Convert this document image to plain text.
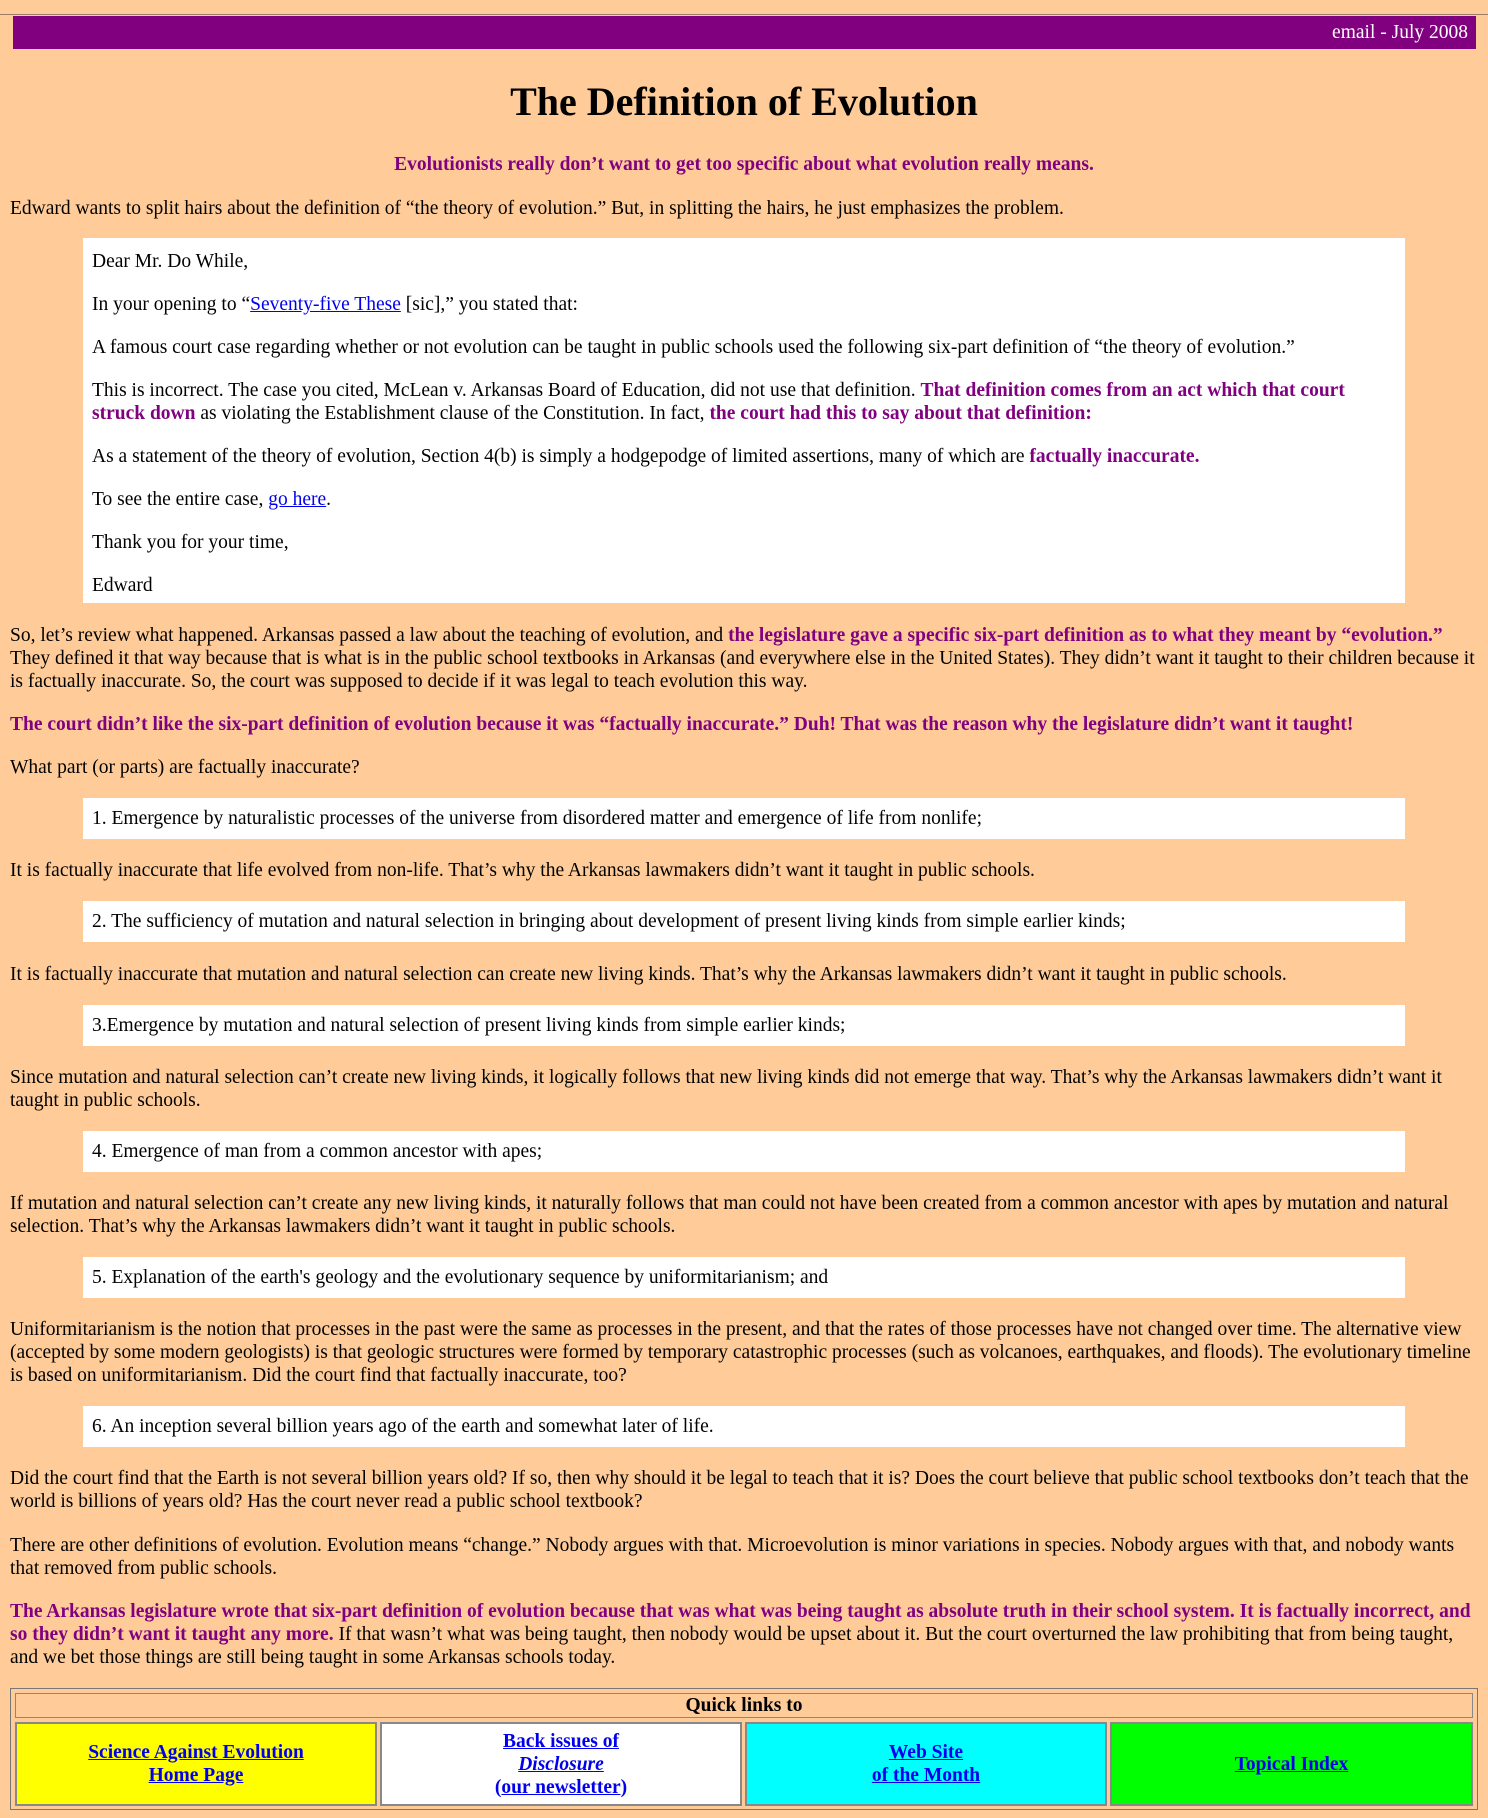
email - July 2008
The Definition of Evolution
Evolutionists really don’t want to get too specific about what evolution really means.

Edward wants to split hairs about the definition of “the theory of evolution.” But, in splitting the hairs, he just emphasizes the problem.

Dear Mr. Do While,

In your opening to “Seventy-five These [sic],” you stated that:

A famous court case regarding whether or not evolution can be taught in public schools used the following six-part definition of “the theory of evolution.”

This is incorrect. The case you cited, McLean v. Arkansas Board of Education, did not use that definition. That definition comes from an act which that court struck down as violating the Establishment clause of the Constitution. In fact, the court had this to say about that definition:

As a statement of the theory of evolution, Section 4(b) is simply a hodgepodge of limited assertions, many of which are factually inaccurate.

To see the entire case, go here.

Thank you for your time,

Edward

So, let’s review what happened. Arkansas passed a law about the teaching of evolution, and the legislature gave a specific six-part definition as to what they meant by “evolution.” They defined it that way because that is what is in the public school textbooks in Arkansas (and everywhere else in the United States). They didn’t want it taught to their children because it is factually inaccurate. So, the court was supposed to decide if it was legal to teach evolution this way.

The court didn’t like the six-part definition of evolution because it was “factually inaccurate.” Duh! That was the reason why the legislature didn’t want it taught!

What part (or parts) are factually inaccurate?

1. Emergence by naturalistic processes of the universe from disordered matter and emergence of life from nonlife;

It is factually inaccurate that life evolved from non-life. That’s why the Arkansas lawmakers didn’t want it taught in public schools.

2. The sufficiency of mutation and natural selection in bringing about development of present living kinds from simple earlier kinds;

It is factually inaccurate that mutation and natural selection can create new living kinds. That’s why the Arkansas lawmakers didn’t want it taught in public schools.

3.Emergence by mutation and natural selection of present living kinds from simple earlier kinds;

Since mutation and natural selection can’t create new living kinds, it logically follows that new living kinds did not emerge that way. That’s why the Arkansas lawmakers didn’t want it taught in public schools.

4. Emergence of man from a common ancestor with apes;

If mutation and natural selection can’t create any new living kinds, it naturally follows that man could not have been created from a common ancestor with apes by mutation and natural selection. That’s why the Arkansas lawmakers didn’t want it taught in public schools.

5. Explanation of the earth's geology and the evolutionary sequence by uniformitarianism; and

Uniformitarianism is the notion that processes in the past were the same as processes in the present, and that the rates of those processes have not changed over time. The alternative view (accepted by some modern geologists) is that geologic structures were formed by temporary catastrophic processes (such as volcanoes, earthquakes, and floods). The evolutionary timeline is based on uniformitarianism. Did the court find that factually inaccurate, too?

6. An inception several billion years ago of the earth and somewhat later of life.

Did the court find that the Earth is not several billion years old? If so, then why should it be legal to teach that it is? Does the court believe that public school textbooks don’t teach that the world is billions of years old? Has the court never read a public school textbook?

There are other definitions of evolution. Evolution means “change.” Nobody argues with that. Microevolution is minor variations in species. Nobody argues with that, and nobody wants that removed from public schools.

The Arkansas legislature wrote that six-part definition of evolution because that was what was being taught as absolute truth in their school system. It is factually incorrect, and so they didn’t want it taught any more. If that wasn’t what was being taught, then nobody would be upset about it. But the court overturned the law prohibiting that from being taught, and we bet those things are still being taught in some Arkansas schools today.

Quick links to
Science Against Evolution
Home Page
Back issues of
Disclosure
(our newsletter)
Web Site
of the Month
Topical Index
